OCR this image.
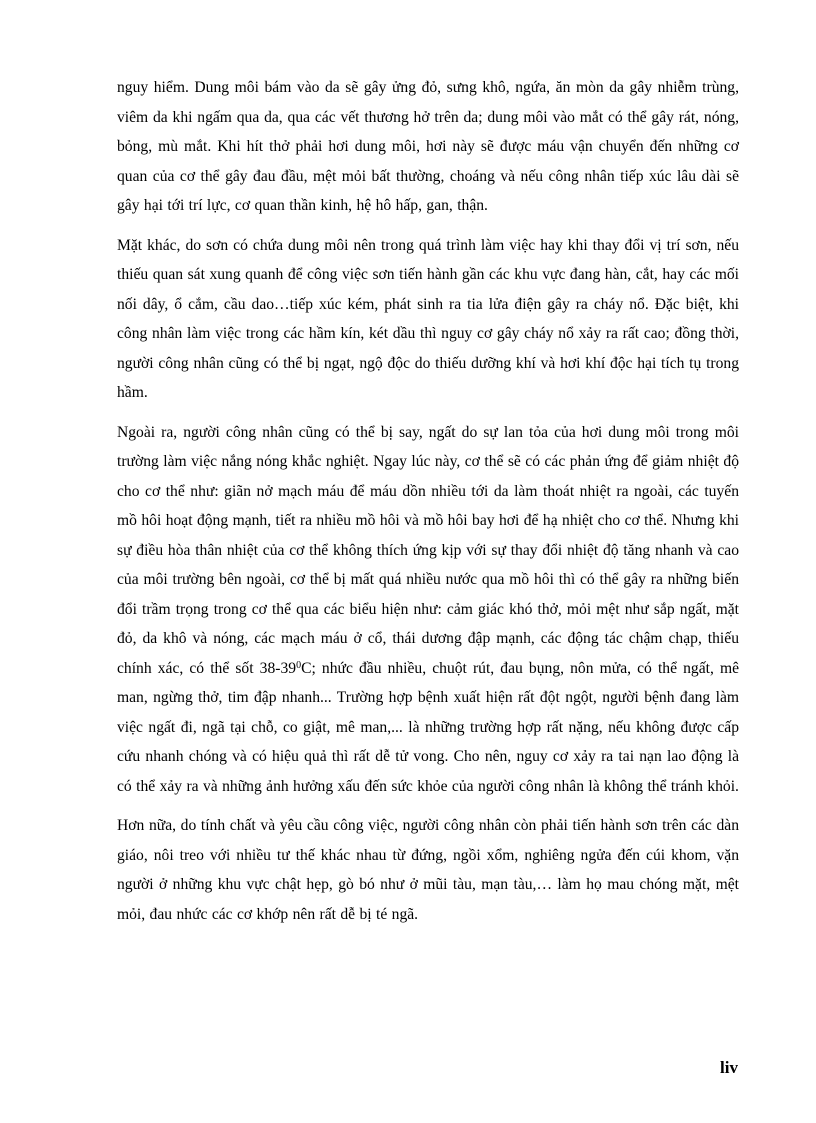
nguy hiểm. Dung môi bám vào da sẽ gây ửng đỏ, sưng khô, ngứa, ăn mòn da gây nhiễm trùng, viêm da khi ngấm qua da, qua các vết thương hở trên da; dung môi vào mắt có thể gây rát, nóng, bỏng, mù mắt. Khi hít thở phải hơi dung môi, hơi này sẽ được máu vận chuyển đến những cơ quan của cơ thể gây đau đầu, mệt mỏi bất thường, choáng và nếu công nhân tiếp xúc lâu dài sẽ gây hại tới trí lực, cơ quan thần kinh, hệ hô hấp, gan, thận.

Mặt khác, do sơn có chứa dung môi nên trong quá trình làm việc hay khi thay đổi vị trí sơn, nếu thiếu quan sát xung quanh để công việc sơn tiến hành gần các khu vực đang hàn, cắt, hay các mối nối dây, ổ cắm, cầu dao…tiếp xúc kém, phát sinh ra tia lửa điện gây ra cháy nổ. Đặc biệt, khi công nhân làm việc trong các hầm kín, két dầu thì nguy cơ gây cháy nổ xảy ra rất cao; đồng thời, người công nhân cũng có thể bị ngạt, ngộ độc do thiếu dưỡng khí và hơi khí độc hại tích tụ trong hầm.

Ngoài ra, người công nhân cũng có thể bị say, ngất do sự lan tỏa của hơi dung môi trong môi trường làm việc nắng nóng khắc nghiệt. Ngay lúc này, cơ thể sẽ có các phản ứng để giảm nhiệt độ cho cơ thể như: giãn nở mạch máu để máu dồn nhiều tới da làm thoát nhiệt ra ngoài, các tuyến mồ hôi hoạt động mạnh, tiết ra nhiều mồ hôi và mồ hôi bay hơi để hạ nhiệt cho cơ thể. Nhưng khi sự điều hòa thân nhiệt của cơ thể không thích ứng kịp với sự thay đổi nhiệt độ tăng nhanh và cao của môi trường bên ngoài, cơ thể bị mất quá nhiều nước qua mồ hôi thì có thể gây ra những biến đổi trầm trọng trong cơ thể qua các biểu hiện như: cảm giác khó thở, mỏi mệt như sắp ngất, mặt đỏ, da khô và nóng, các mạch máu ở cổ, thái dương đập mạnh, các động tác chậm chạp, thiếu chính xác, có thể sốt $38-39^0C$; nhức đầu nhiều, chuột rút, đau bụng, nôn mửa, có thể ngất, mê man, ngừng thở, tim đập nhanh... Trường hợp bệnh xuất hiện rất đột ngột, người bệnh đang làm việc ngất đi, ngã tại chỗ, co giật, mê man,... là những trường hợp rất nặng, nếu không được cấp cứu nhanh chóng và có hiệu quả thì rất dễ tử vong. Cho nên, nguy cơ xảy ra tai nạn lao động là có thể xảy ra và những ảnh hưởng xấu đến sức khỏe của người công nhân là không thể tránh khỏi.

Hơn nữa, do tính chất và yêu cầu công việc, người công nhân còn phải tiến hành sơn trên các dàn giáo, nôi treo với nhiều tư thế khác nhau từ đứng, ngồi xổm, nghiêng ngửa đến cúi khom, vặn người ở những khu vực chật hẹp, gò bó như ở mũi tàu, mạn tàu,… làm họ mau chóng mặt, mệt mỏi, đau nhức các cơ khớp nên rất dễ bị té ngã.

liv
